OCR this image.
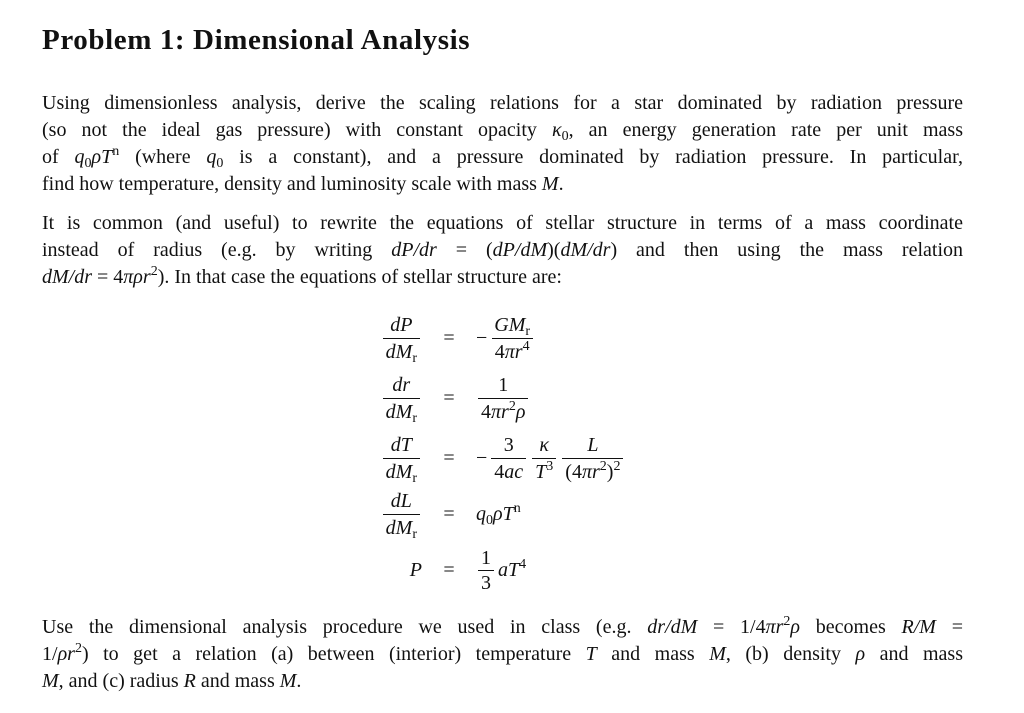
Problem 1: Dimensional Analysis
Using dimensionless analysis, derive the scaling relations for a star dominated by radiation pressure
(so not the ideal gas pressure) with constant opacity $\kappa_0$, an energy generation rate per unit mass
of $q_0\rho T^n$ (where $q_0$ is a constant), and a pressure dominated by radiation pressure. In particular,
find how temperature, density and luminosity scale with mass M.
It is common (and useful) to rewrite the equations of stellar structure in terms of a mass coordinate
instead of radius (e.g. by writing dP/dr = (dP/dM)(dM/dr) and then using the mass relation
dM/dr = 4πρr$^2$). In that case the equations of stellar structure are:
$\frac{dP}{dM_r}$	=	− $\frac{GM_r}{4\pi r^4}$
$\frac{dr}{dM_r}$	=	$\frac{1}{4\pi r^2\rho}$
$\frac{dT}{dM_r}$	=	− $\frac{3}{4ac} \frac{\kappa}{T^3} \frac{L}{(4\pi r^2)^2}$
$\frac{dL}{dM_r}$	=	$q_0\rho T^n$
P	=	$\frac{1}{3} aT^4$
Use the dimensional analysis procedure we used in class (e.g. $dr/dM = 1/4\pi r^2\rho$ becomes R/M =
$1/\rho r^2$) to get a relation (a) between (interior) temperature T and mass M, (b) density ρ and mass
M, and (c) radius R and mass M.
